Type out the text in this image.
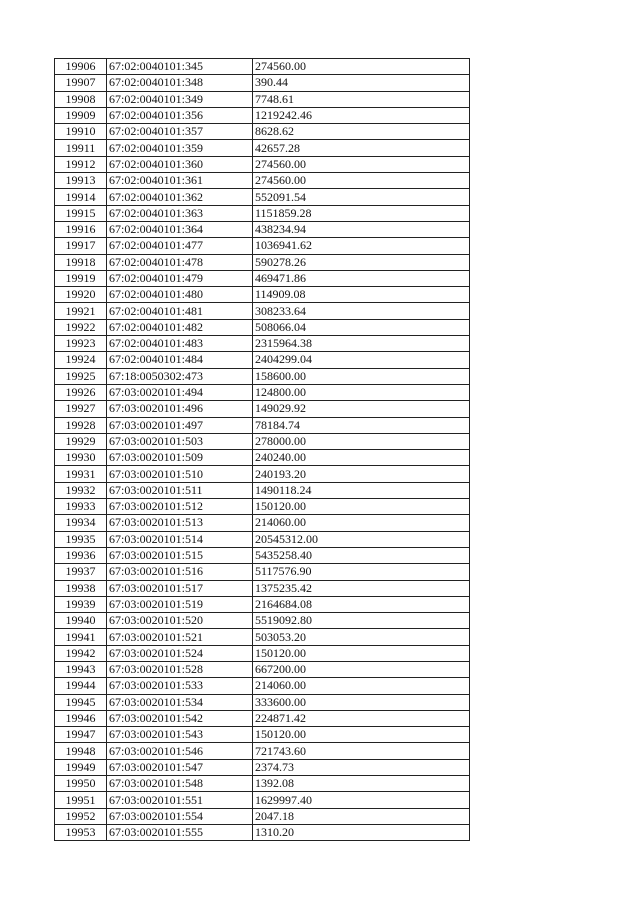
19906	67:02:0040101:345	274560.00
19907	67:02:0040101:348	390.44
19908	67:02:0040101:349	7748.61
19909	67:02:0040101:356	1219242.46
19910	67:02:0040101:357	8628.62
19911	67:02:0040101:359	42657.28
19912	67:02:0040101:360	274560.00
19913	67:02:0040101:361	274560.00
19914	67:02:0040101:362	552091.54
19915	67:02:0040101:363	1151859.28
19916	67:02:0040101:364	438234.94
19917	67:02:0040101:477	1036941.62
19918	67:02:0040101:478	590278.26
19919	67:02:0040101:479	469471.86
19920	67:02:0040101:480	114909.08
19921	67:02:0040101:481	308233.64
19922	67:02:0040101:482	508066.04
19923	67:02:0040101:483	2315964.38
19924	67:02:0040101:484	2404299.04
19925	67:18:0050302:473	158600.00
19926	67:03:0020101:494	124800.00
19927	67:03:0020101:496	149029.92
19928	67:03:0020101:497	78184.74
19929	67:03:0020101:503	278000.00
19930	67:03:0020101:509	240240.00
19931	67:03:0020101:510	240193.20
19932	67:03:0020101:511	1490118.24
19933	67:03:0020101:512	150120.00
19934	67:03:0020101:513	214060.00
19935	67:03:0020101:514	20545312.00
19936	67:03:0020101:515	5435258.40
19937	67:03:0020101:516	5117576.90
19938	67:03:0020101:517	1375235.42
19939	67:03:0020101:519	2164684.08
19940	67:03:0020101:520	5519092.80
19941	67:03:0020101:521	503053.20
19942	67:03:0020101:524	150120.00
19943	67:03:0020101:528	667200.00
19944	67:03:0020101:533	214060.00
19945	67:03:0020101:534	333600.00
19946	67:03:0020101:542	224871.42
19947	67:03:0020101:543	150120.00
19948	67:03:0020101:546	721743.60
19949	67:03:0020101:547	2374.73
19950	67:03:0020101:548	1392.08
19951	67:03:0020101:551	1629997.40
19952	67:03:0020101:554	2047.18
19953	67:03:0020101:555	1310.20
